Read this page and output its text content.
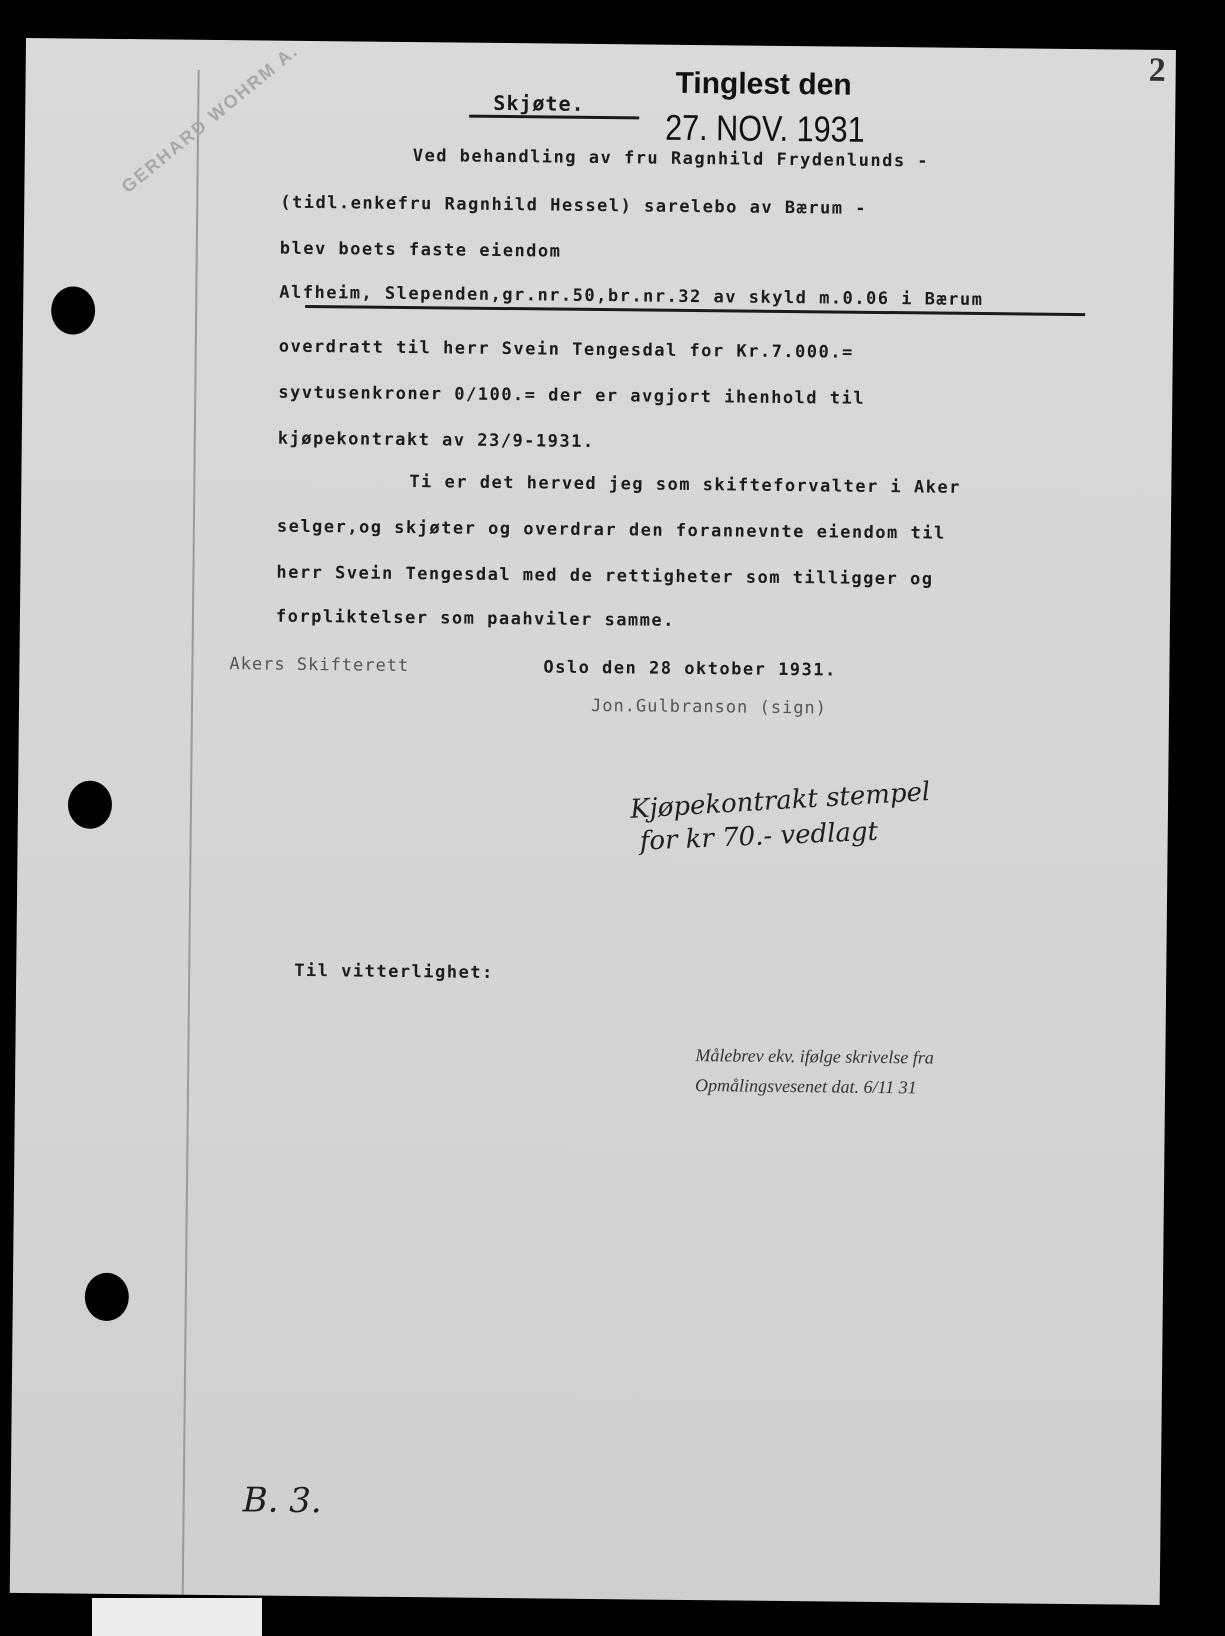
GERHARD WOHRM A.	2
Skjøte.
Tinglest den
27. NOV. 1931
Ved behandling av fru Ragnhild Frydenlunds -
(tidl.enkefru Ragnhild Hessel) sarelebo av Bærum -
blev boets faste eiendom
Alfheim, Slependen,gr.nr.50,br.nr.32 av skyld m.0.06 i Bærum
overdratt til herr Svein Tengesdal for Kr.7.000.=
syvtusenkroner 0/100.= der er avgjort ihenhold til
kjøpekontrakt av 23/9-1931.
Ti er det herved jeg som skifteforvalter i Aker
selger,og skjøter og overdrar den forannevnte eiendom til
herr Svein Tengesdal med de rettigheter som tilligger og
forpliktelser som paahviler samme.
Akers Skifterett	Oslo den 28 oktober 1931.
Jon.Gulbranson (sign)
Kjøpekontrakt stempel
for kr 70.- vedlagt
Til vitterlighet:
Målebrev ekv. ifølge skrivelse fra
Opmålingsvesenet dat. 6/11 31
B. 3.
